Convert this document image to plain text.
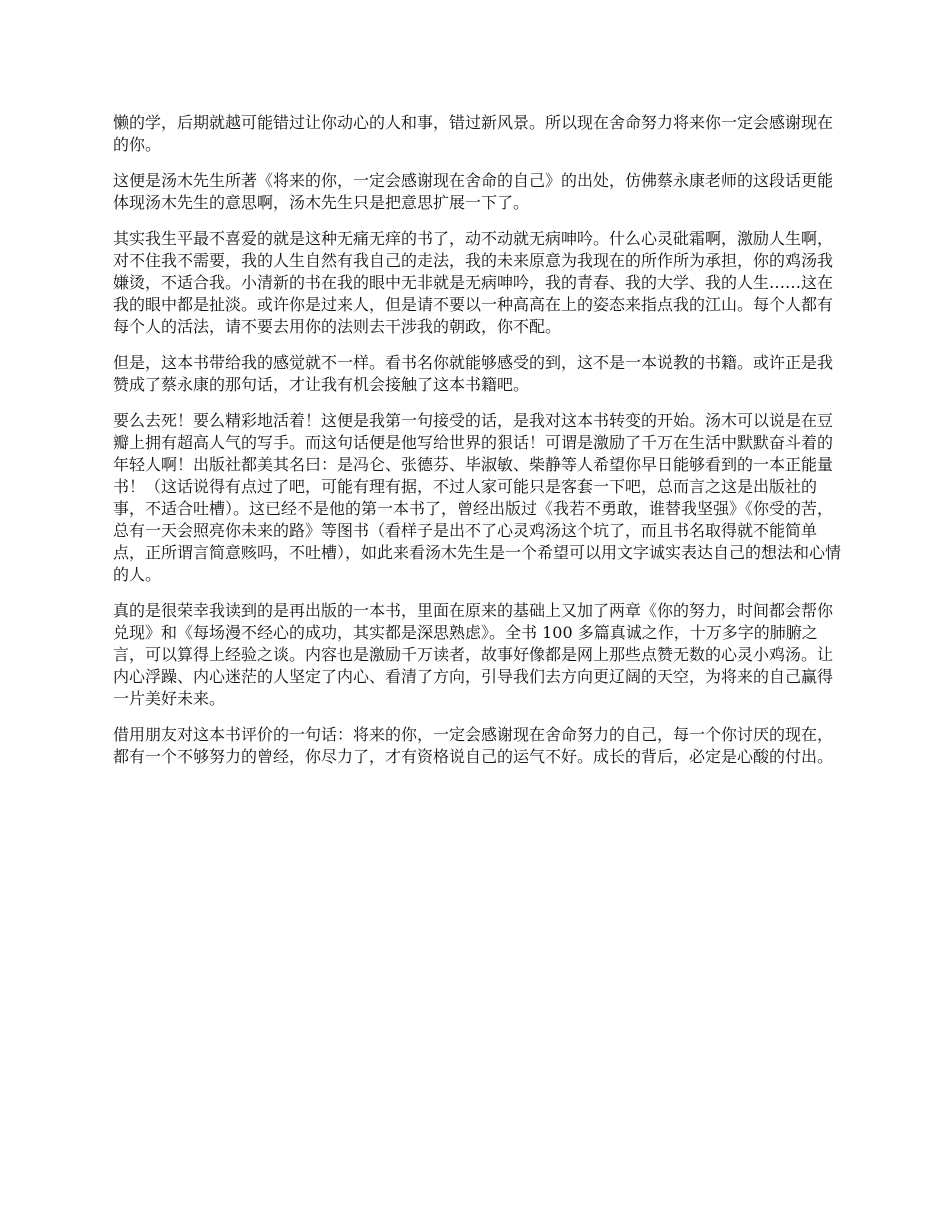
懒的学，后期就越可能错过让你动心的人和事，错过新风景。所以现在舍命努力将来你一定会感谢现在的你。

这便是汤木先生所著《将来的你，一定会感谢现在舍命的自己》的出处，仿佛蔡永康老师的这段话更能体现汤木先生的意思啊，汤木先生只是把意思扩展一下了。

其实我生平最不喜爱的就是这种无痛无痒的书了，动不动就无病呻吟。什么心灵砒霜啊，激励人生啊，对不住我不需要，我的人生自然有我自己的走法，我的未来原意为我现在的所作所为承担，你的鸡汤我嫌烫，不适合我。小清新的书在我的眼中无非就是无病呻吟，我的青春、我的大学、我的人生……这在我的眼中都是扯淡。或许你是过来人，但是请不要以一种高高在上的姿态来指点我的江山。每个人都有每个人的活法，请不要去用你的法则去干涉我的朝政，你不配。

但是，这本书带给我的感觉就不一样。看书名你就能够感受的到，这不是一本说教的书籍。或许正是我赞成了蔡永康的那句话，才让我有机会接触了这本书籍吧。

要么去死！要么精彩地活着！这便是我第一句接受的话，是我对这本书转变的开始。汤木可以说是在豆瓣上拥有超高人气的写手。而这句话便是他写给世界的狠话！可谓是激励了千万在生活中默默奋斗着的年轻人啊！出版社都美其名曰：是冯仑、张德芬、毕淑敏、柴静等人希望你早日能够看到的一本正能量书！（这话说得有点过了吧，可能有理有据，不过人家可能只是客套一下吧，总而言之这是出版社的事，不适合吐槽）。这已经不是他的第一本书了，曾经出版过《我若不勇敢，谁替我坚强》《你受的苦，总有一天会照亮你未来的路》等图书（看样子是出不了心灵鸡汤这个坑了，而且书名取得就不能简单点，正所谓言简意赅吗，不吐槽），如此来看汤木先生是一个希望可以用文字诚实表达自己的想法和心情的人。

真的是很荣幸我读到的是再出版的一本书，里面在原来的基础上又加了两章《你的努力，时间都会帮你兑现》和《每场漫不经心的成功，其实都是深思熟虑》。全书 100 多篇真诚之作，十万多字的肺腑之言，可以算得上经验之谈。内容也是激励千万读者，故事好像都是网上那些点赞无数的心灵小鸡汤。让内心浮躁、内心迷茫的人坚定了内心、看清了方向，引导我们去方向更辽阔的天空，为将来的自己赢得一片美好未来。

借用朋友对这本书评价的一句话：将来的你，一定会感谢现在舍命努力的自己，每一个你讨厌的现在，都有一个不够努力的曾经，你尽力了，才有资格说自己的运气不好。成长的背后，必定是心酸的付出。
